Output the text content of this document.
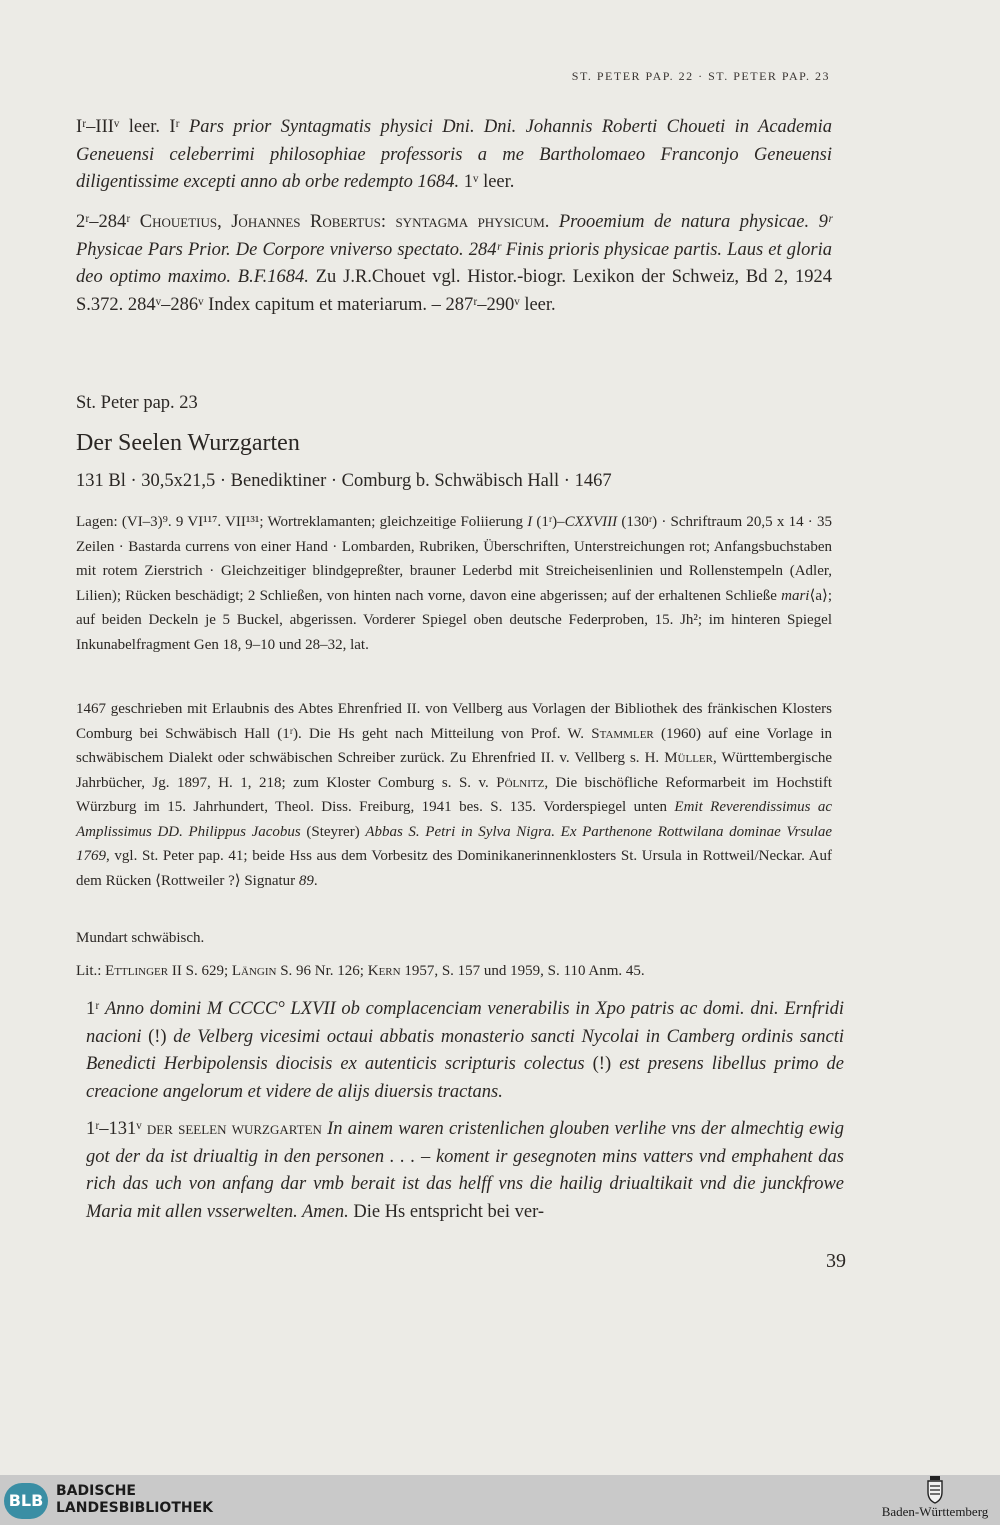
ST. PETER PAP. 22 · ST. PETER PAP. 23
Iʳ–IIIᵛ leer. Iʳ Pars prior Syntagmatis physici Dni. Dni. Johannis Roberti Choueti in Academia Geneuensi celeberrimi philosophiae professoris a me Bartholomaeo Franconjo Geneuensi diligentissime excepti anno ab orbe redempto 1684. 1ᵛ leer.
2ʳ–284ʳ Chouetius, Johannes Robertus: syntagma physicum. Prooemium de natura physicae. 9ʳ Physicae Pars Prior. De Corpore vniverso spectato. 284ʳ Finis prioris physicae partis. Laus et gloria deo optimo maximo. B.F.1684. Zu J.R.Chouet vgl. Histor.-biogr. Lexikon der Schweiz, Bd 2, 1924 S.372. 284ᵛ–286ᵛ Index capitum et materiarum. – 287ʳ–290ᵛ leer.
St. Peter pap. 23
Der Seelen Wurzgarten
131 Bl · 30,5x21,5 · Benediktiner · Comburg b. Schwäbisch Hall · 1467
Lagen: (VI–3)⁹. 9 VI¹¹⁷. VII¹³¹; Wortreklamanten; gleichzeitige Foliierung I (1ʳ)–CXXVIII (130ʳ) · Schriftraum 20,5 x 14 · 35 Zeilen · Bastarda currens von einer Hand · Lombarden, Rubriken, Überschriften, Unterstreichungen rot; Anfangsbuchstaben mit rotem Zierstrich · Gleichzeitiger blindgepreßter, brauner Lederbd mit Streicheisenlinien und Rollenstempeln (Adler, Lilien); Rücken beschädigt; 2 Schließen, von hinten nach vorne, davon eine abgerissen; auf der erhaltenen Schließe mari⟨a⟩; auf beiden Deckeln je 5 Buckel, abgerissen. Vorderer Spiegel oben deutsche Federproben, 15. Jh²; im hinteren Spiegel Inkunabelfragment Gen 18, 9–10 und 28–32, lat.
1467 geschrieben mit Erlaubnis des Abtes Ehrenfried II. von Vellberg aus Vorlagen der Bibliothek des fränkischen Klosters Comburg bei Schwäbisch Hall (1ʳ). Die Hs geht nach Mitteilung von Prof. W. Stammler (1960) auf eine Vorlage in schwäbischem Dialekt oder schwäbischen Schreiber zurück. Zu Ehrenfried II. v. Vellberg s. H. Müller, Württembergische Jahrbücher, Jg. 1897, H. 1, 218; zum Kloster Comburg s. S. v. Pölnitz, Die bischöfliche Reformarbeit im Hochstift Würzburg im 15. Jahrhundert, Theol. Diss. Freiburg, 1941 bes. S. 135. Vorderspiegel unten Emit Reverendissimus ac Amplissimus DD. Philippus Jacobus (Steyrer) Abbas S. Petri in Sylva Nigra. Ex Parthenone Rottwilana dominae Vrsulae 1769, vgl. St. Peter pap. 41; beide Hss aus dem Vorbesitz des Dominikanerinnenklosters St. Ursula in Rottweil/Neckar. Auf dem Rücken ⟨Rottweiler ?⟩ Signatur 89.
Mundart schwäbisch.
Lit.: Ettlinger II S. 629; Längin S. 96 Nr. 126; Kern 1957, S. 157 und 1959, S. 110 Anm. 45.
1ʳ Anno domini M CCCC° LXVII ob complacenciam venerabilis in Xpo patris ac domi. dni. Ernfridi nacioni (!) de Velberg vicesimi octaui abbatis monasterio sancti Nycolai in Camberg ordinis sancti Benedicti Herbipolensis diocisis ex autenticis scripturis colectus (!) est presens libellus primo de creacione angelorum et videre de alijs diuersis tractans.
1ʳ–131ᵛ der seelen wurzgarten In ainem waren cristenlichen glouben verlihe vns der almechtig ewig got der da ist driualtig in den personen . . . – koment ir gesegnoten mins vatters vnd emphahent das rich das uch von anfang dar vmb berait ist das helff vns die hailig driualtikait vnd die junckfrowe Maria mit allen vsserwelten. Amen. Die Hs entspricht bei ver-
39
BLB BADISCHE
LANDESBIBLIOTHEK	Baden-Württemberg
